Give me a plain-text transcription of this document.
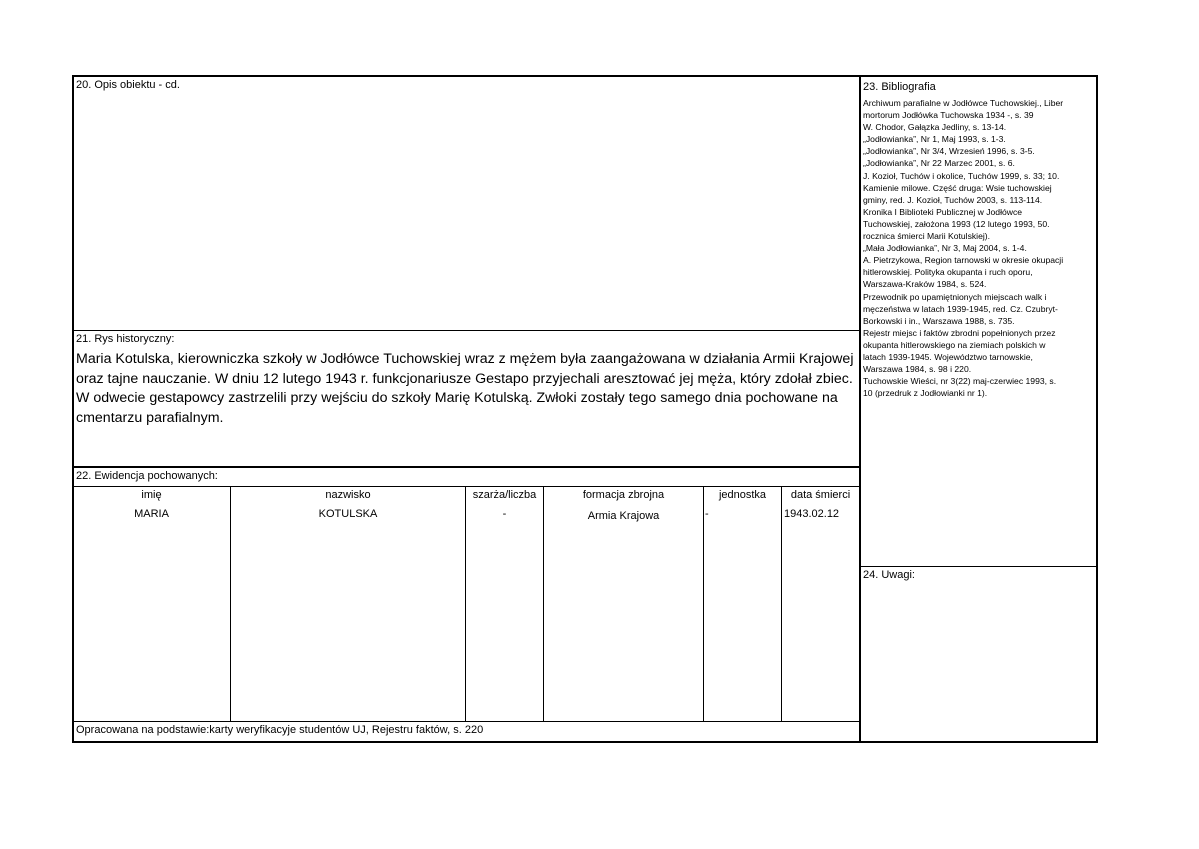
20. Opis obiektu - cd.
21. Rys historyczny:
Maria Kotulska, kierowniczka szkoły w Jodłówce Tuchowskiej wraz z mężem była zaangażowana w działania Armii Krajowej
oraz tajne nauczanie. W dniu 12 lutego 1943 r. funkcjonariusze Gestapo przyjechali aresztować jej męża, który zdołał zbiec.
W odwecie gestapowcy zastrzelili przy wejściu do szkoły Marię Kotulską. Zwłoki zostały tego samego dnia pochowane na
cmentarzu parafialnym.
22. Ewidencja pochowanych:
imię	nazwisko	szarża/liczba	formacja zbrojna	jednostka	data śmierci
MARIA	KOTULSKA	-	Armia Krajowa	-	1943.02.12
Opracowana na podstawie:karty weryfikacyje studentów UJ, Rejestru faktów, s. 220
23. Bibliografia
Archiwum parafialne w Jodłówce Tuchowskiej., Liber
mortorum Jodłówka Tuchowska 1934 -, s. 39
W. Chodor, Gałązka Jedliny, s. 13-14.
„Jodłowianka”, Nr 1, Maj 1993, s. 1-3.
„Jodłowianka”, Nr 3/4, Wrzesień 1996, s. 3-5.
„Jodłowianka”, Nr 22 Marzec 2001, s. 6.
J. Kozioł, Tuchów i okolice, Tuchów 1999, s. 33; 10.
Kamienie milowe. Część druga: Wsie tuchowskiej
gminy, red. J. Kozioł, Tuchów 2003, s. 113-114.
Kronika I Biblioteki Publicznej w Jodłówce
Tuchowskiej, założona 1993 (12 lutego 1993, 50.
rocznica śmierci Marii Kotulskiej).
„Mała Jodłowianka”, Nr 3, Maj 2004, s. 1-4.
A. Pietrzykowa, Region tarnowski w okresie okupacji
hitlerowskiej. Polityka okupanta i ruch oporu,
Warszawa-Kraków 1984, s. 524.
Przewodnik po upamiętnionych miejscach walk i
męczeństwa w latach 1939-1945, red. Cz. Czubryt-
Borkowski i in., Warszawa 1988, s. 735.
Rejestr miejsc i faktów zbrodni popełnionych przez
okupanta hitlerowskiego na ziemiach polskich w
latach 1939-1945. Województwo tarnowskie,
Warszawa 1984, s. 98 i 220.
Tuchowskie Wieści, nr 3(22) maj-czerwiec 1993, s.
10 (przedruk z Jodłowianki nr 1).
24. Uwagi:
